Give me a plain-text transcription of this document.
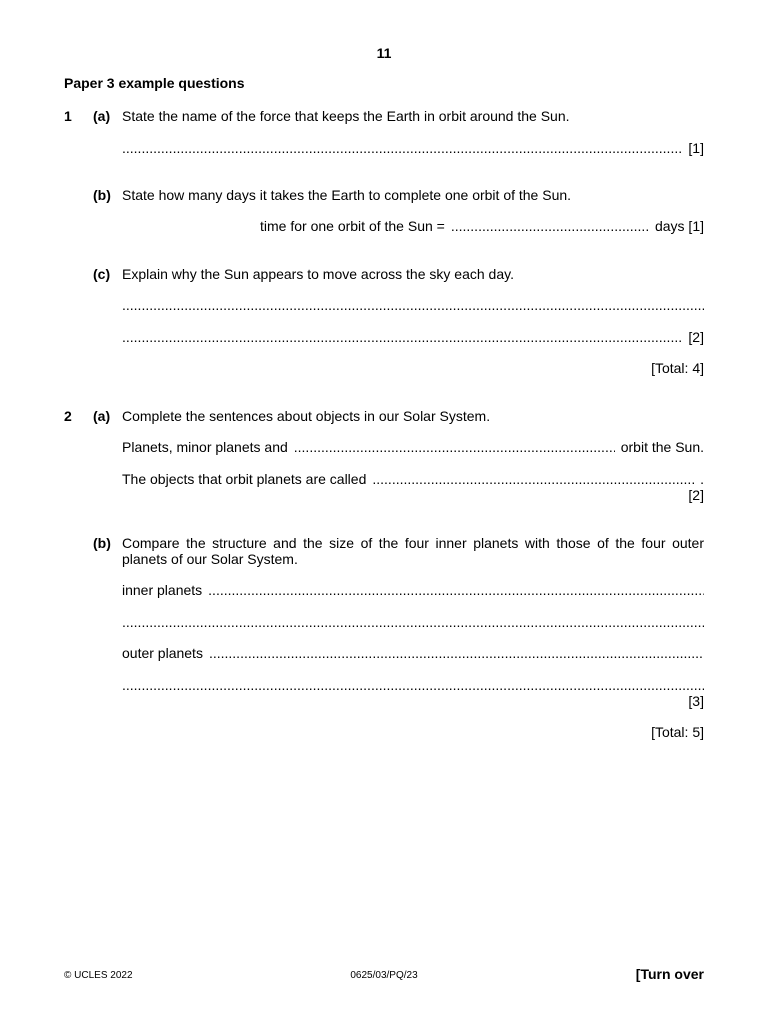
11
Paper 3 example questions
1 (a) State the name of the force that keeps the Earth in orbit around the Sun.
.....
[1]
(b) State how many days it takes the Earth to complete one orbit of the Sun.
time for one orbit of the Sun = .....	days [1]
(c) Explain why the Sun appears to move across the sky each day.
.....
.....
[2]
[Total: 4]
2 (a) Complete the sentences about objects in our Solar System.
Planets, minor planets and .....	orbit the Sun.
The objects that orbit planets are called .....	.
[2]
(b) Compare the structure and the size of the four inner planets with those of the four outer planets of our Solar System.
inner planets
.....
.....
outer planets
.....
.....
[3]
[Total: 5]
© UCLES 2022	0625/03/PQ/23	[Turn over
